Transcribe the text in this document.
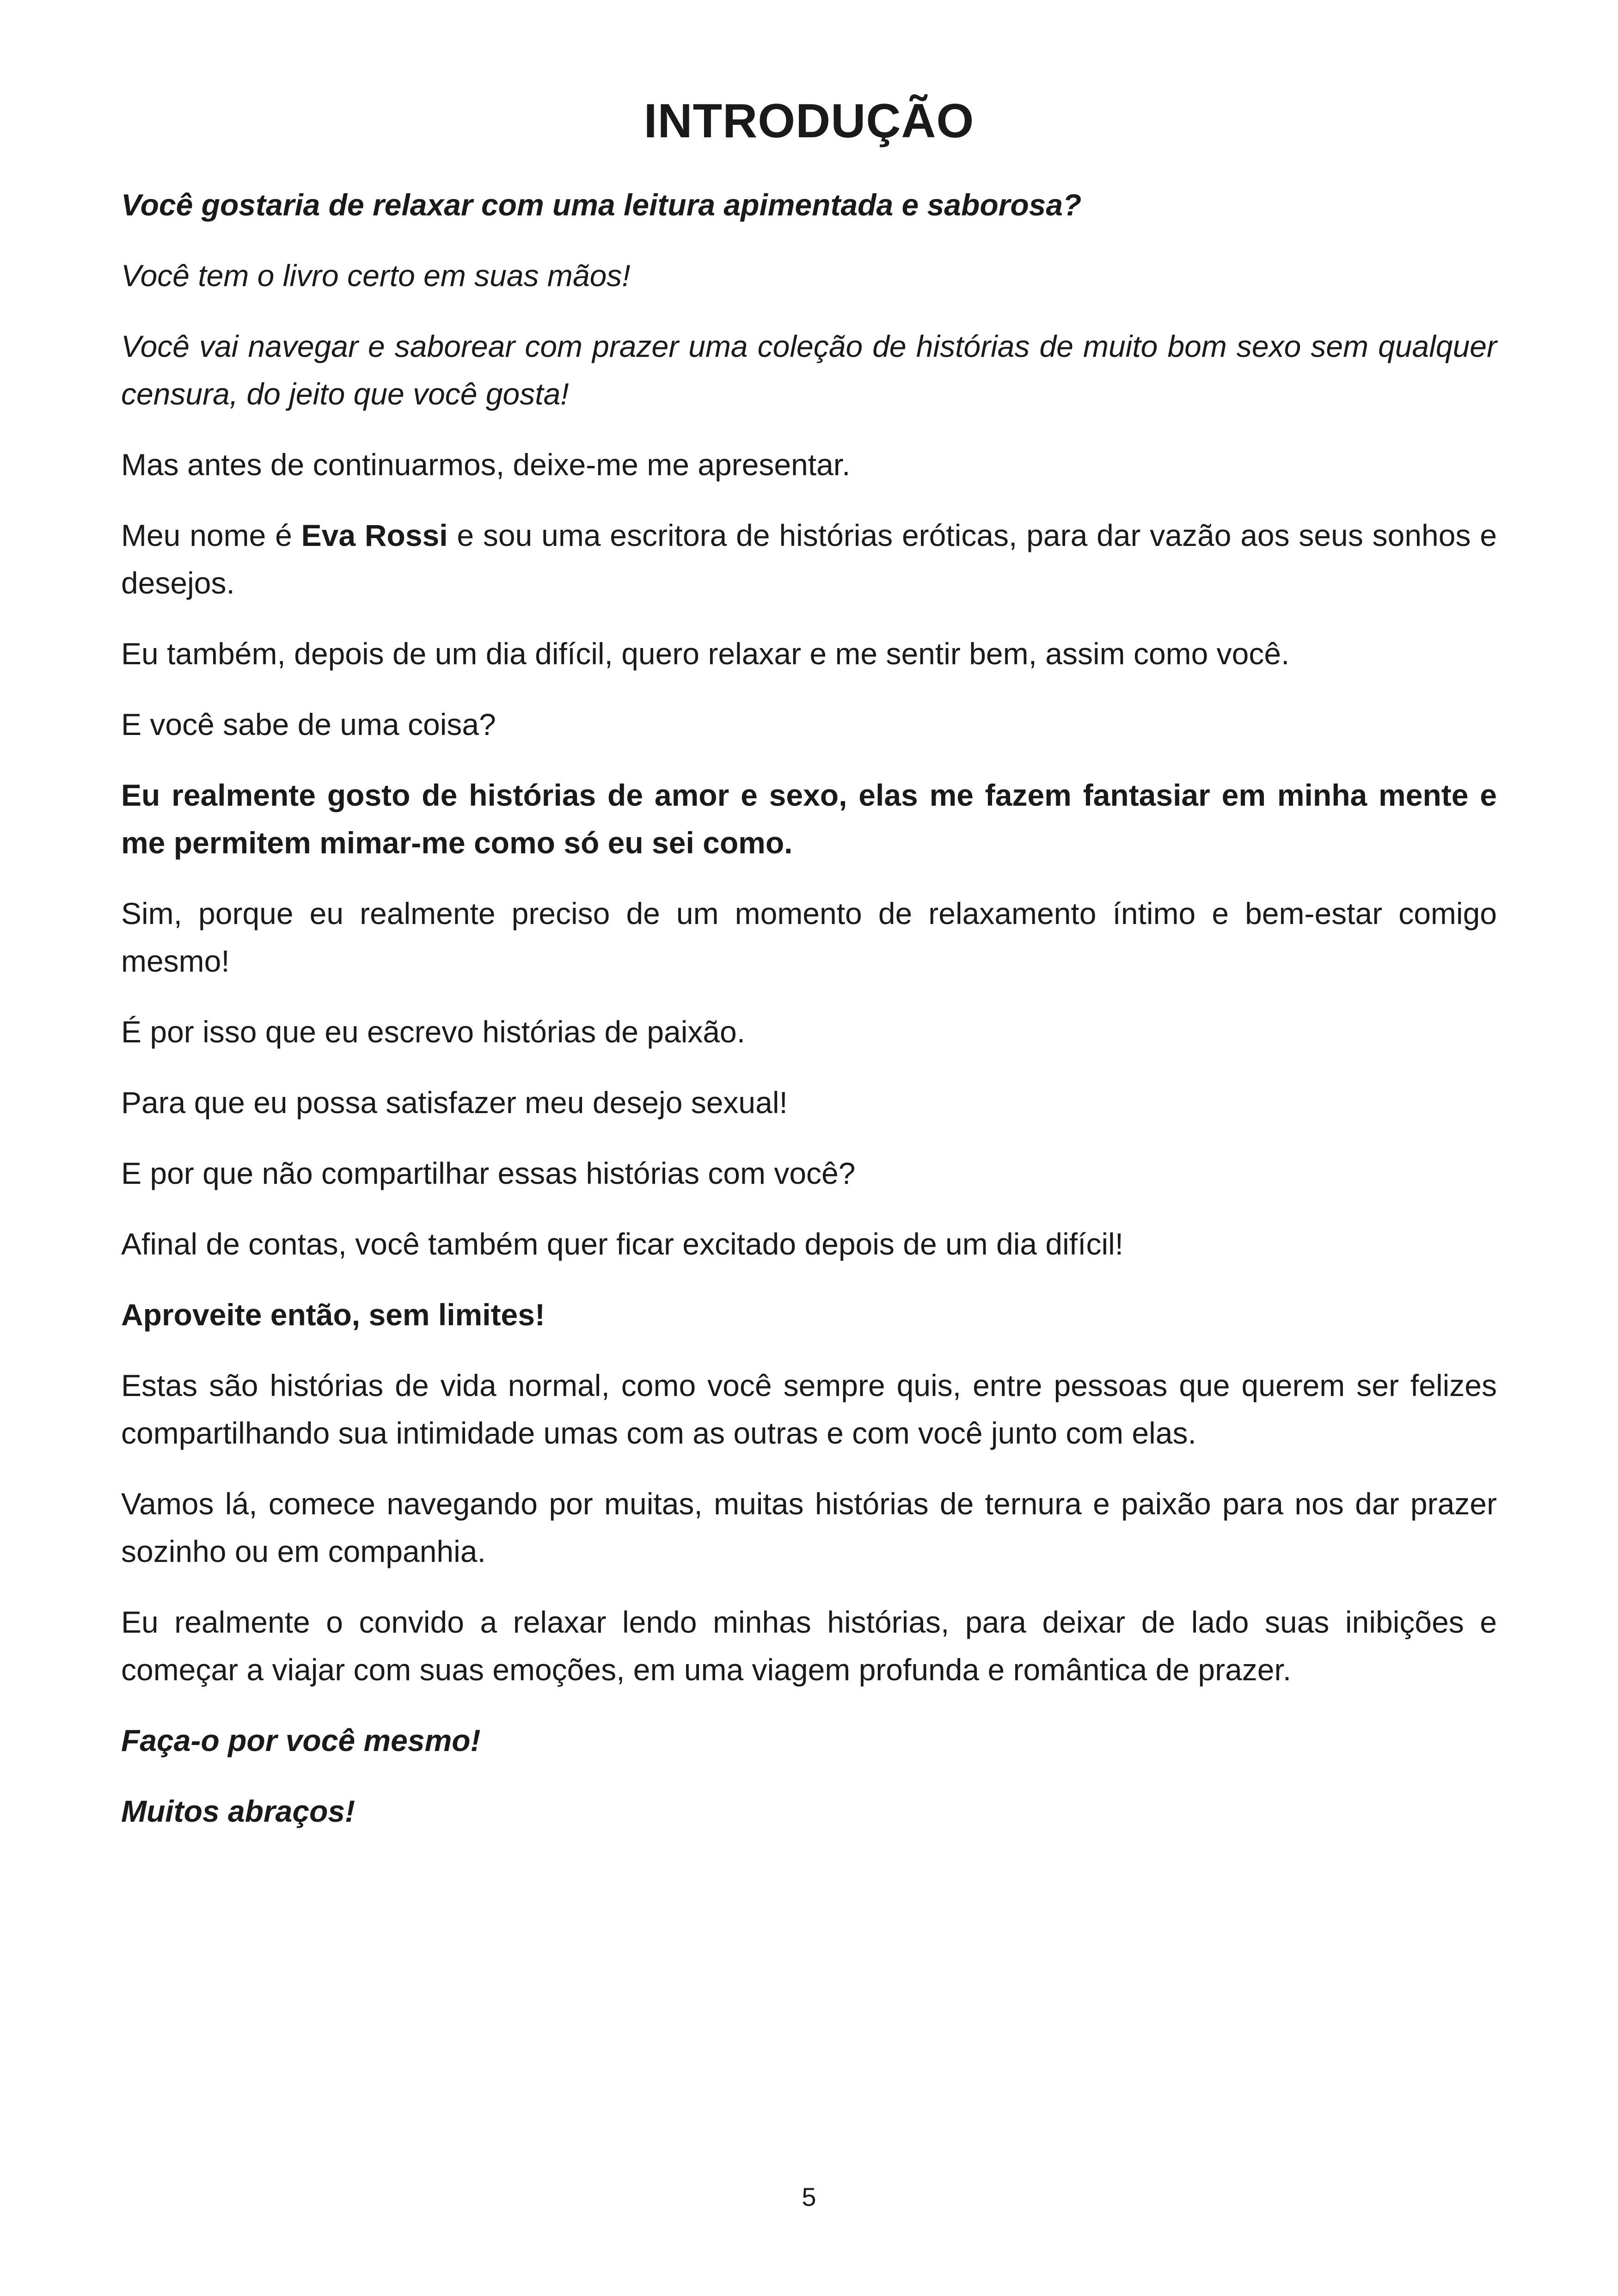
INTRODUÇÃO

Você gostaria de relaxar com uma leitura apimentada e saborosa?

Você tem o livro certo em suas mãos!

Você vai navegar e saborear com prazer uma coleção de histórias de muito bom sexo sem qualquer censura, do jeito que você gosta!

Mas antes de continuarmos, deixe-me me apresentar.

Meu nome é Eva Rossi e sou uma escritora de histórias eróticas, para dar vazão aos seus sonhos e desejos.

Eu também, depois de um dia difícil, quero relaxar e me sentir bem, assim como você.

E você sabe de uma coisa?

Eu realmente gosto de histórias de amor e sexo, elas me fazem fantasiar em minha mente e me permitem mimar-me como só eu sei como.

Sim, porque eu realmente preciso de um momento de relaxamento íntimo e bem-estar comigo mesmo!

É por isso que eu escrevo histórias de paixão.

Para que eu possa satisfazer meu desejo sexual!

E por que não compartilhar essas histórias com você?

Afinal de contas, você também quer ficar excitado depois de um dia difícil!

Aproveite então, sem limites!

Estas são histórias de vida normal, como você sempre quis, entre pessoas que querem ser felizes compartilhando sua intimidade umas com as outras e com você junto com elas.

Vamos lá, comece navegando por muitas, muitas histórias de ternura e paixão para nos dar prazer sozinho ou em companhia.

Eu realmente o convido a relaxar lendo minhas histórias, para deixar de lado suas inibições e começar a viajar com suas emoções, em uma viagem profunda e romântica de prazer.

Faça-o por você mesmo!

Muitos abraços!

5
